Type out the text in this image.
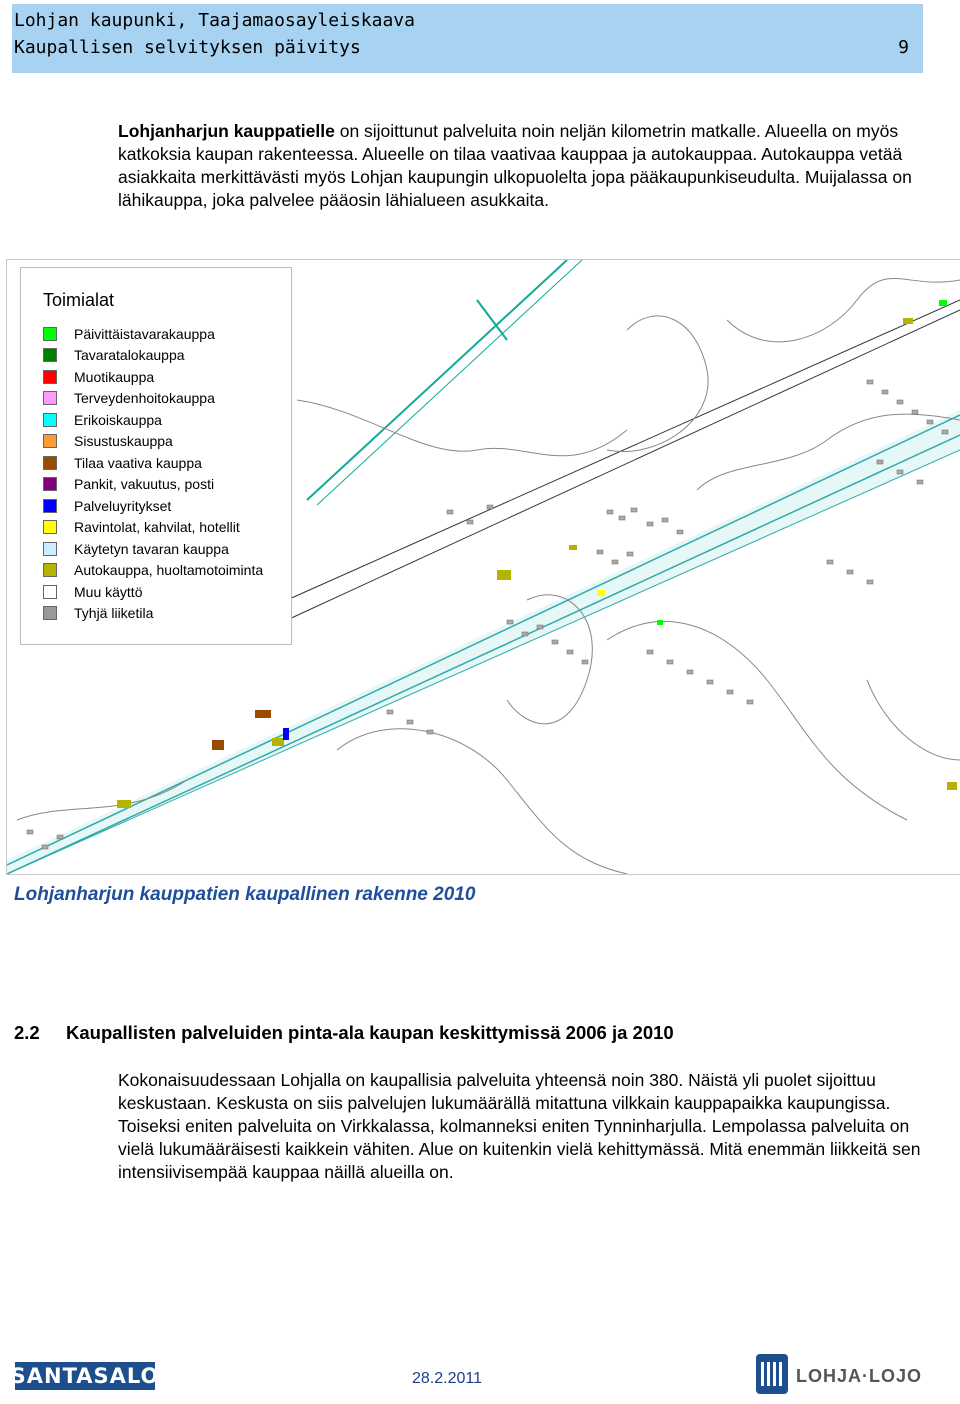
Lohjan kaupunki, Taajamaosayleiskaava
Kaupallisen selvityksen päivitys	9
Lohjanharjun kauppatielle on sijoittunut palveluita noin neljän kilometrin matkalle. Alueella on myös katkoksia kaupan rakenteessa. Alueelle on tilaa vaativaa kauppaa ja autokauppaa. Autokauppa vetää asiakkaita merkittävästi myös Lohjan kaupungin ulkopuolelta jopa pääkaupunkiseudulta. Muijalassa on lähikauppa, joka palvelee pääosin lähialueen asukkaita.
Toimialat
Päivittäistavarakauppa
Tavaratalokauppa
Muotikauppa
Terveydenhoitokauppa
Erikoiskauppa
Sisustuskauppa
Tilaa vaativa kauppa
Pankit, vakuutus, posti
Palveluyritykset
Ravintolat, kahvilat, hotellit
Käytetyn tavaran kauppa
Autokauppa, huoltamotoiminta
Muu käyttö
Tyhjä liiketila
Lohjanharjun kauppatien kaupallinen rakenne 2010
2.2 Kaupallisten palveluiden pinta-ala kaupan keskittymissä 2006 ja 2010
Kokonaisuudessaan Lohjalla on kaupallisia palveluita yhteensä noin 380. Näistä yli puolet sijoittuu keskustaan. Keskusta on siis palvelujen lukumäärällä mitattuna vilkkain kauppapaikka kaupungissa. Toiseksi eniten palveluita on Virkkalassa, kolmanneksi eniten Tynninharjulla. Lempolassa palveluita on vielä lukumääräisesti kaikkein vähiten. Alue on kuitenkin vielä kehittymässä. Mitä enemmän liikkeitä sen intensiivisempää kauppaa näillä alueilla on.
SANTASALO	28.2.2011	LOHJA·LOJO
